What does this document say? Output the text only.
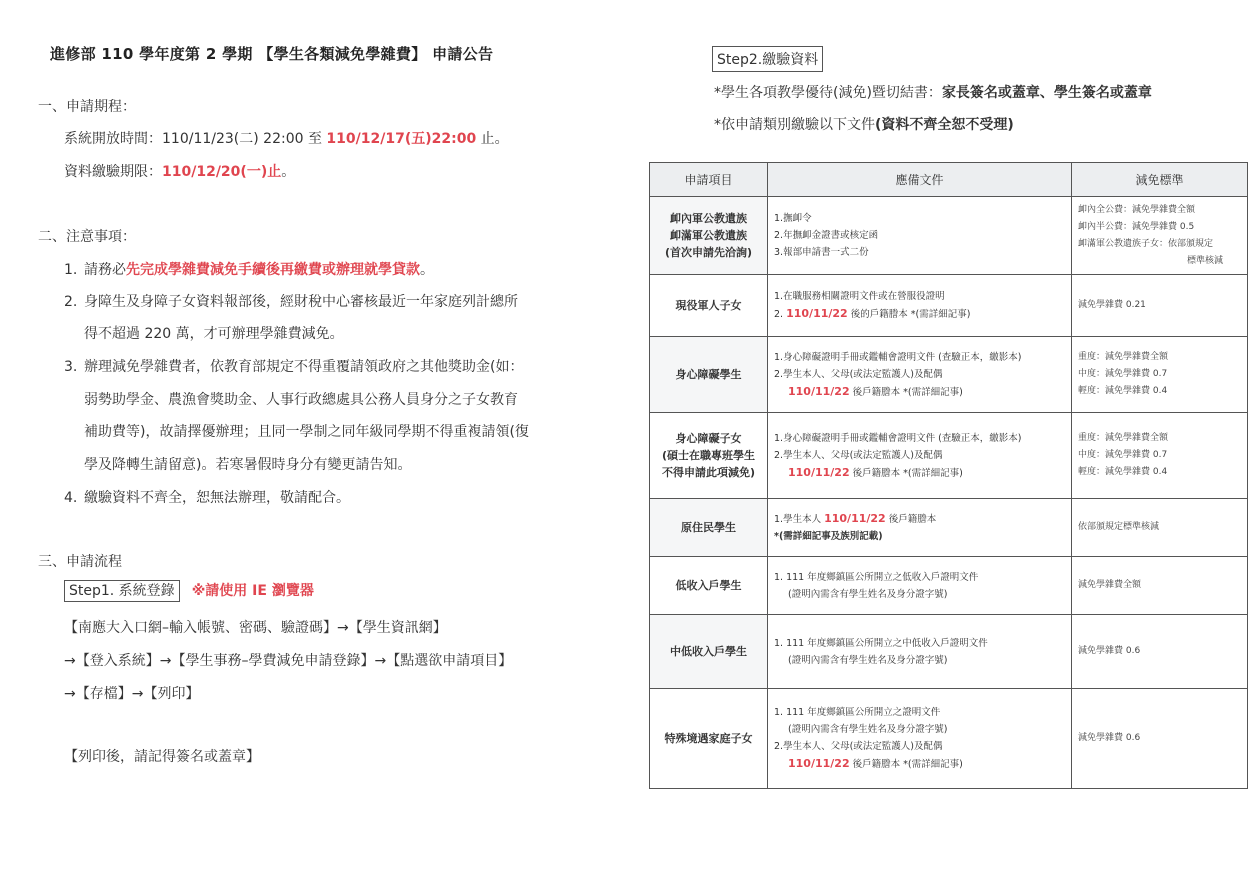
進修部 110 學年度第 2 學期 【學生各類減免學雜費】 申請公告
一、申請期程：
系統開放時間：110/11/23(二) 22:00 至 110/12/17(五)22:00 止。
資料繳驗期限：110/12/20(一)止。
二、注意事項：
1. 請務必先完成學雜費減免手續後再繳費或辦理就學貸款。
2. 身障生及身障子女資料報部後，經財稅中心審核最近一年家庭列計總所
得不超過 220 萬，才可辦理學雜費減免。
3. 辦理減免學雜費者，依教育部規定不得重覆請領政府之其他獎助金(如：
弱勢助學金、農漁會獎助金、人事行政總處具公務人員身分之子女教育
補助費等)，故請擇優辦理；且同一學制之同年級同學期不得重複請領(復
學及降轉生請留意)。若寒暑假時身分有變更請告知。
4. 繳驗資料不齊全，恕無法辦理，敬請配合。
三、申請流程
Step1. 系統登錄 ※請使用 IE 瀏覽器
【南應大入口網–輸入帳號、密碼、驗證碼】→【學生資訊網】
→【登入系統】→【學生事務–學費減免申請登錄】→【點選欲申請項目】
→【存檔】→【列印】
【列印後，請記得簽名或蓋章】
Step2.繳驗資料
*學生各項教學優待(減免)暨切結書：家長簽名或蓋章、學生簽名或蓋章
*依申請類別繳驗以下文件(資料不齊全恕不受理)
申請項目	應備文件	減免標準

卹內軍公教遺族
卹滿軍公教遺族
(首次申請先洽詢)	1.撫卹令
2.年撫卹金證書或核定函
3.報部申請書一式二份	卹內全公費：減免學雜費全額
卹內半公費：減免學雜費 0.5
卹滿軍公教遺族子女：依部頒規定
標準核減

現役軍人子女	1.在職服務相關證明文件或在營服役證明
2. 110/11/22 後的戶籍謄本 *(需詳細記事)	減免學雜費 0.21
身心障礙學生	1.身心障礙證明手冊或鑑輔會證明文件 (查驗正本，繳影本)
2.學生本人、父母(或法定監護人)及配偶
110/11/22 後戶籍謄本 *(需詳細記事)	重度：減免學雜費全額
中度：減免學雜費 0.7
輕度：減免學雜費 0.4

身心障礙子女
(碩士在職專班學生
不得申請此項減免)	1.身心障礙證明手冊或鑑輔會證明文件 (查驗正本，繳影本)
2.學生本人、父母(或法定監護人)及配偶
110/11/22 後戶籍謄本 *(需詳細記事)	重度：減免學雜費全額
中度：減免學雜費 0.7
輕度：減免學雜費 0.4

原住民學生	1.學生本人 110/11/22 後戶籍謄本
*(需詳細記事及族別記載)	依部頒規定標準核減
低收入戶學生	1. 111 年度鄉鎮區公所開立之低收入戶證明文件
(證明內需含有學生姓名及身分證字號)	減免學雜費全額
中低收入戶學生	1. 111 年度鄉鎮區公所開立之中低收入戶證明文件
(證明內需含有學生姓名及身分證字號)	減免學雜費 0.6
特殊境遇家庭子女	1. 111 年度鄉鎮區公所開立之證明文件
(證明內需含有學生姓名及身分證字號)
2.學生本人、父母(或法定監護人)及配偶
110/11/22 後戶籍謄本 *(需詳細記事)	減免學雜費 0.6
